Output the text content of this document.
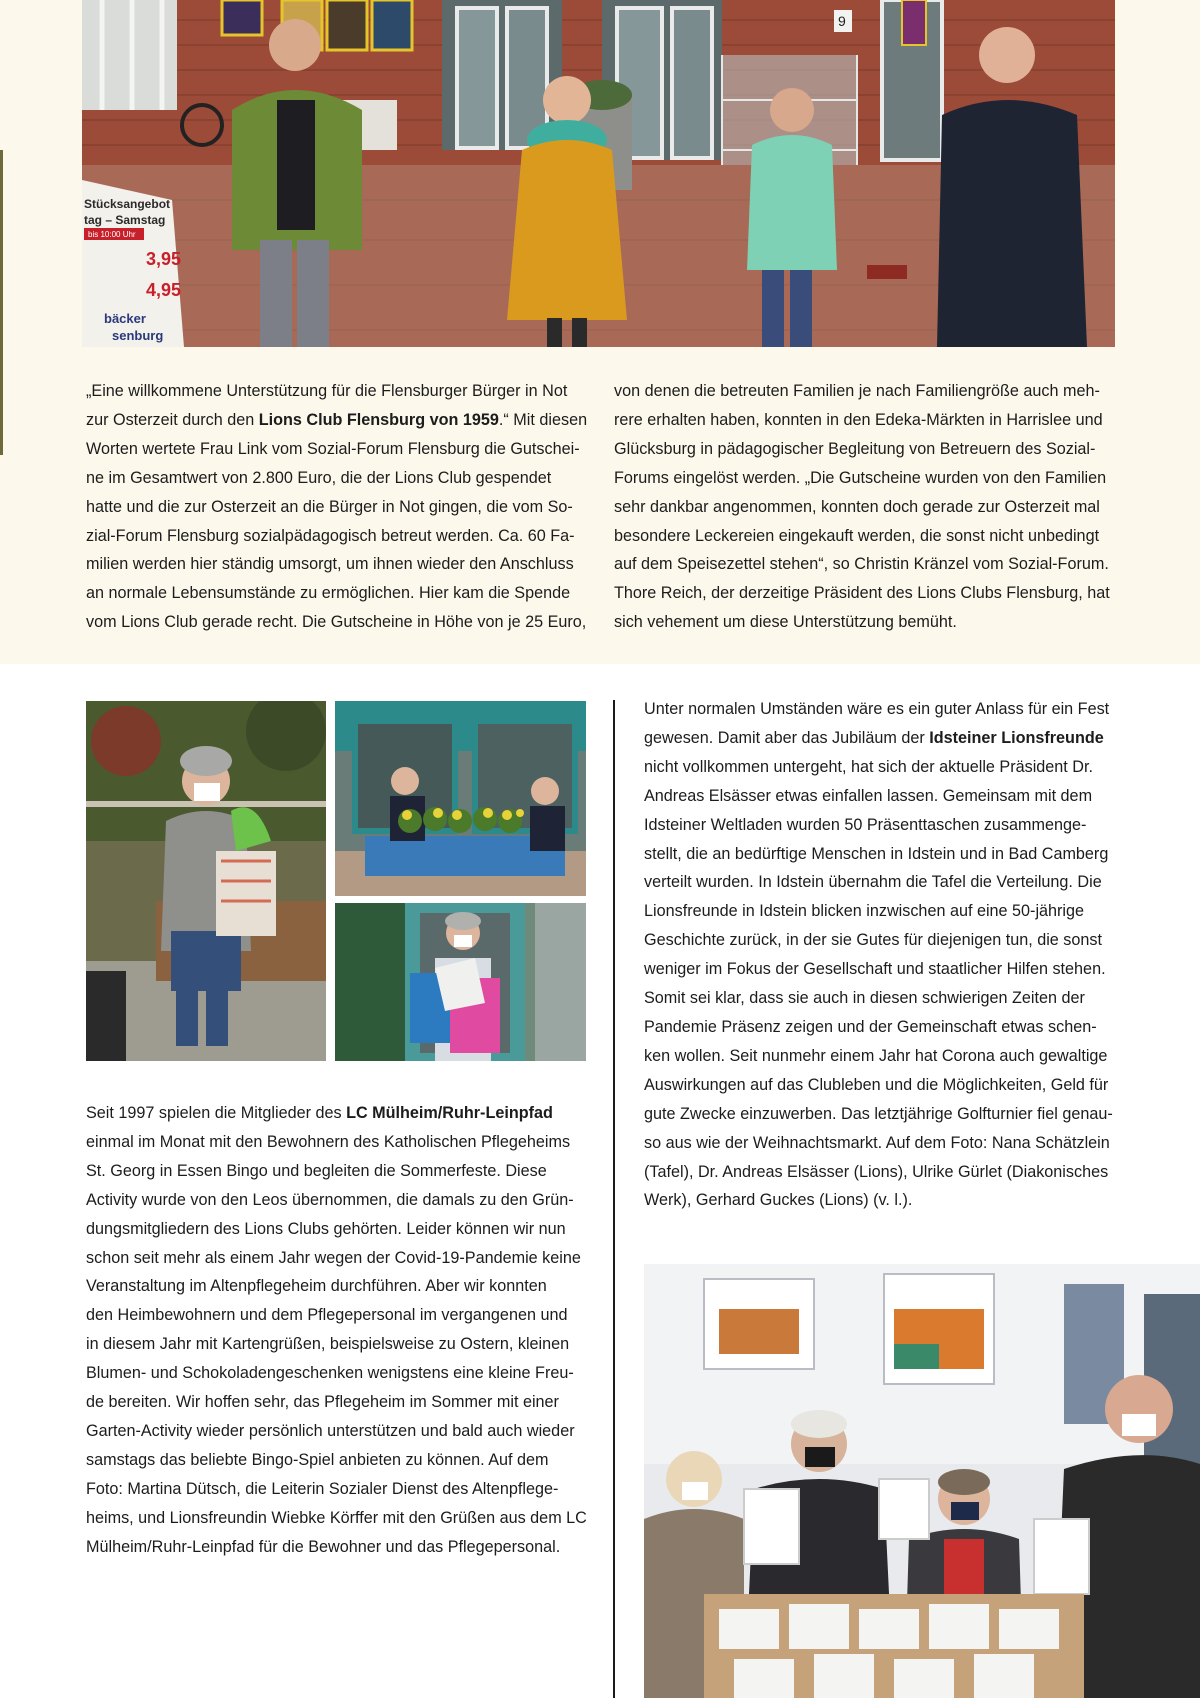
9
Stücksangebot
tag – Samstag
bis 10:00 Uhr
3,95
4,95
bäcker
senburg
„Eine willkommene Unterstützung für die Flensburger Bürger in Not
zur Osterzeit durch den Lions Club Flensburg von 1959.“ Mit diesen
Worten wertete Frau Link vom Sozial-Forum Flensburg die Gutschei-
ne im Gesamtwert von 2.800 Euro, die der Lions Club gespendet
hatte und die zur Osterzeit an die Bürger in Not gingen, die vom So-
zial-Forum Flensburg sozialpädagogisch betreut werden. Ca. 60 Fa-
milien werden hier ständig umsorgt, um ihnen wieder den Anschluss
an normale Lebensumstände zu ermöglichen. Hier kam die Spende
vom Lions Club gerade recht. Die Gutscheine in Höhe von je 25 Euro,
von denen die betreuten Familien je nach Familiengröße auch meh-
rere erhalten haben, konnten in den Edeka-Märkten in Harrislee und
Glücksburg in pädagogischer Begleitung von Betreuern des Sozial-
Forums eingelöst werden. „Die Gutscheine wurden von den Familien
sehr dankbar angenommen, konnten doch gerade zur Osterzeit mal
besondere Leckereien eingekauft werden, die sonst nicht unbedingt
auf dem Speisezettel stehen“, so Christin Kränzel vom Sozial-Forum.
Thore Reich, der derzeitige Präsident des Lions Clubs Flensburg, hat
sich vehement um diese Unterstützung bemüht.
Seit 1997 spielen die Mitglieder des LC Mülheim/Ruhr-Leinpfad
einmal im Monat mit den Bewohnern des Katholischen Pflegeheims
St. Georg in Essen Bingo und begleiten die Sommerfeste. Diese
Activity wurde von den Leos übernommen, die damals zu den Grün-
dungsmitgliedern des Lions Clubs gehörten. Leider können wir nun
schon seit mehr als einem Jahr wegen der Covid-19-Pandemie keine
Veranstaltung im Altenpflegeheim durchführen. Aber wir konnten
den Heimbewohnern und dem Pflegepersonal im vergangenen und
in diesem Jahr mit Kartengrüßen, beispielsweise zu Ostern, kleinen
Blumen- und Schokoladengeschenken wenigstens eine kleine Freu-
de bereiten. Wir hoffen sehr, das Pflegeheim im Sommer mit einer
Garten-Activity wieder persönlich unterstützen und bald auch wieder
samstags das beliebte Bingo-Spiel anbieten zu können. Auf dem
Foto: Martina Dütsch, die Leiterin Sozialer Dienst des Altenpflege-
heims, und Lionsfreundin Wiebke Körffer mit den Grüßen aus dem LC
Mülheim/Ruhr-Leinpfad für die Bewohner und das Pflegepersonal.
Unter normalen Umständen wäre es ein guter Anlass für ein Fest
gewesen. Damit aber das Jubiläum der Idsteiner Lionsfreunde
nicht vollkommen untergeht, hat sich der aktuelle Präsident Dr.
Andreas Elsässer etwas einfallen lassen. Gemeinsam mit dem
Idsteiner Weltladen wurden 50 Präsenttaschen zusammenge-
stellt, die an bedürftige Menschen in Idstein und in Bad Camberg
verteilt wurden. In Idstein übernahm die Tafel die Verteilung. Die
Lionsfreunde in Idstein blicken inzwischen auf eine 50-jährige
Geschichte zurück, in der sie Gutes für diejenigen tun, die sonst
weniger im Fokus der Gesellschaft und staatlicher Hilfen stehen.
Somit sei klar, dass sie auch in diesen schwierigen Zeiten der
Pandemie Präsenz zeigen und der Gemeinschaft etwas schen-
ken wollen. Seit nunmehr einem Jahr hat Corona auch gewaltige
Auswirkungen auf das Clubleben und die Möglichkeiten, Geld für
gute Zwecke einzuwerben. Das letztjährige Golfturnier fiel genau-
so aus wie der Weihnachtsmarkt. Auf dem Foto: Nana Schätzlein
(Tafel), Dr. Andreas Elsässer (Lions), Ulrike Gürlet (Diakonisches
Werk), Gerhard Guckes (Lions) (v. l.).
